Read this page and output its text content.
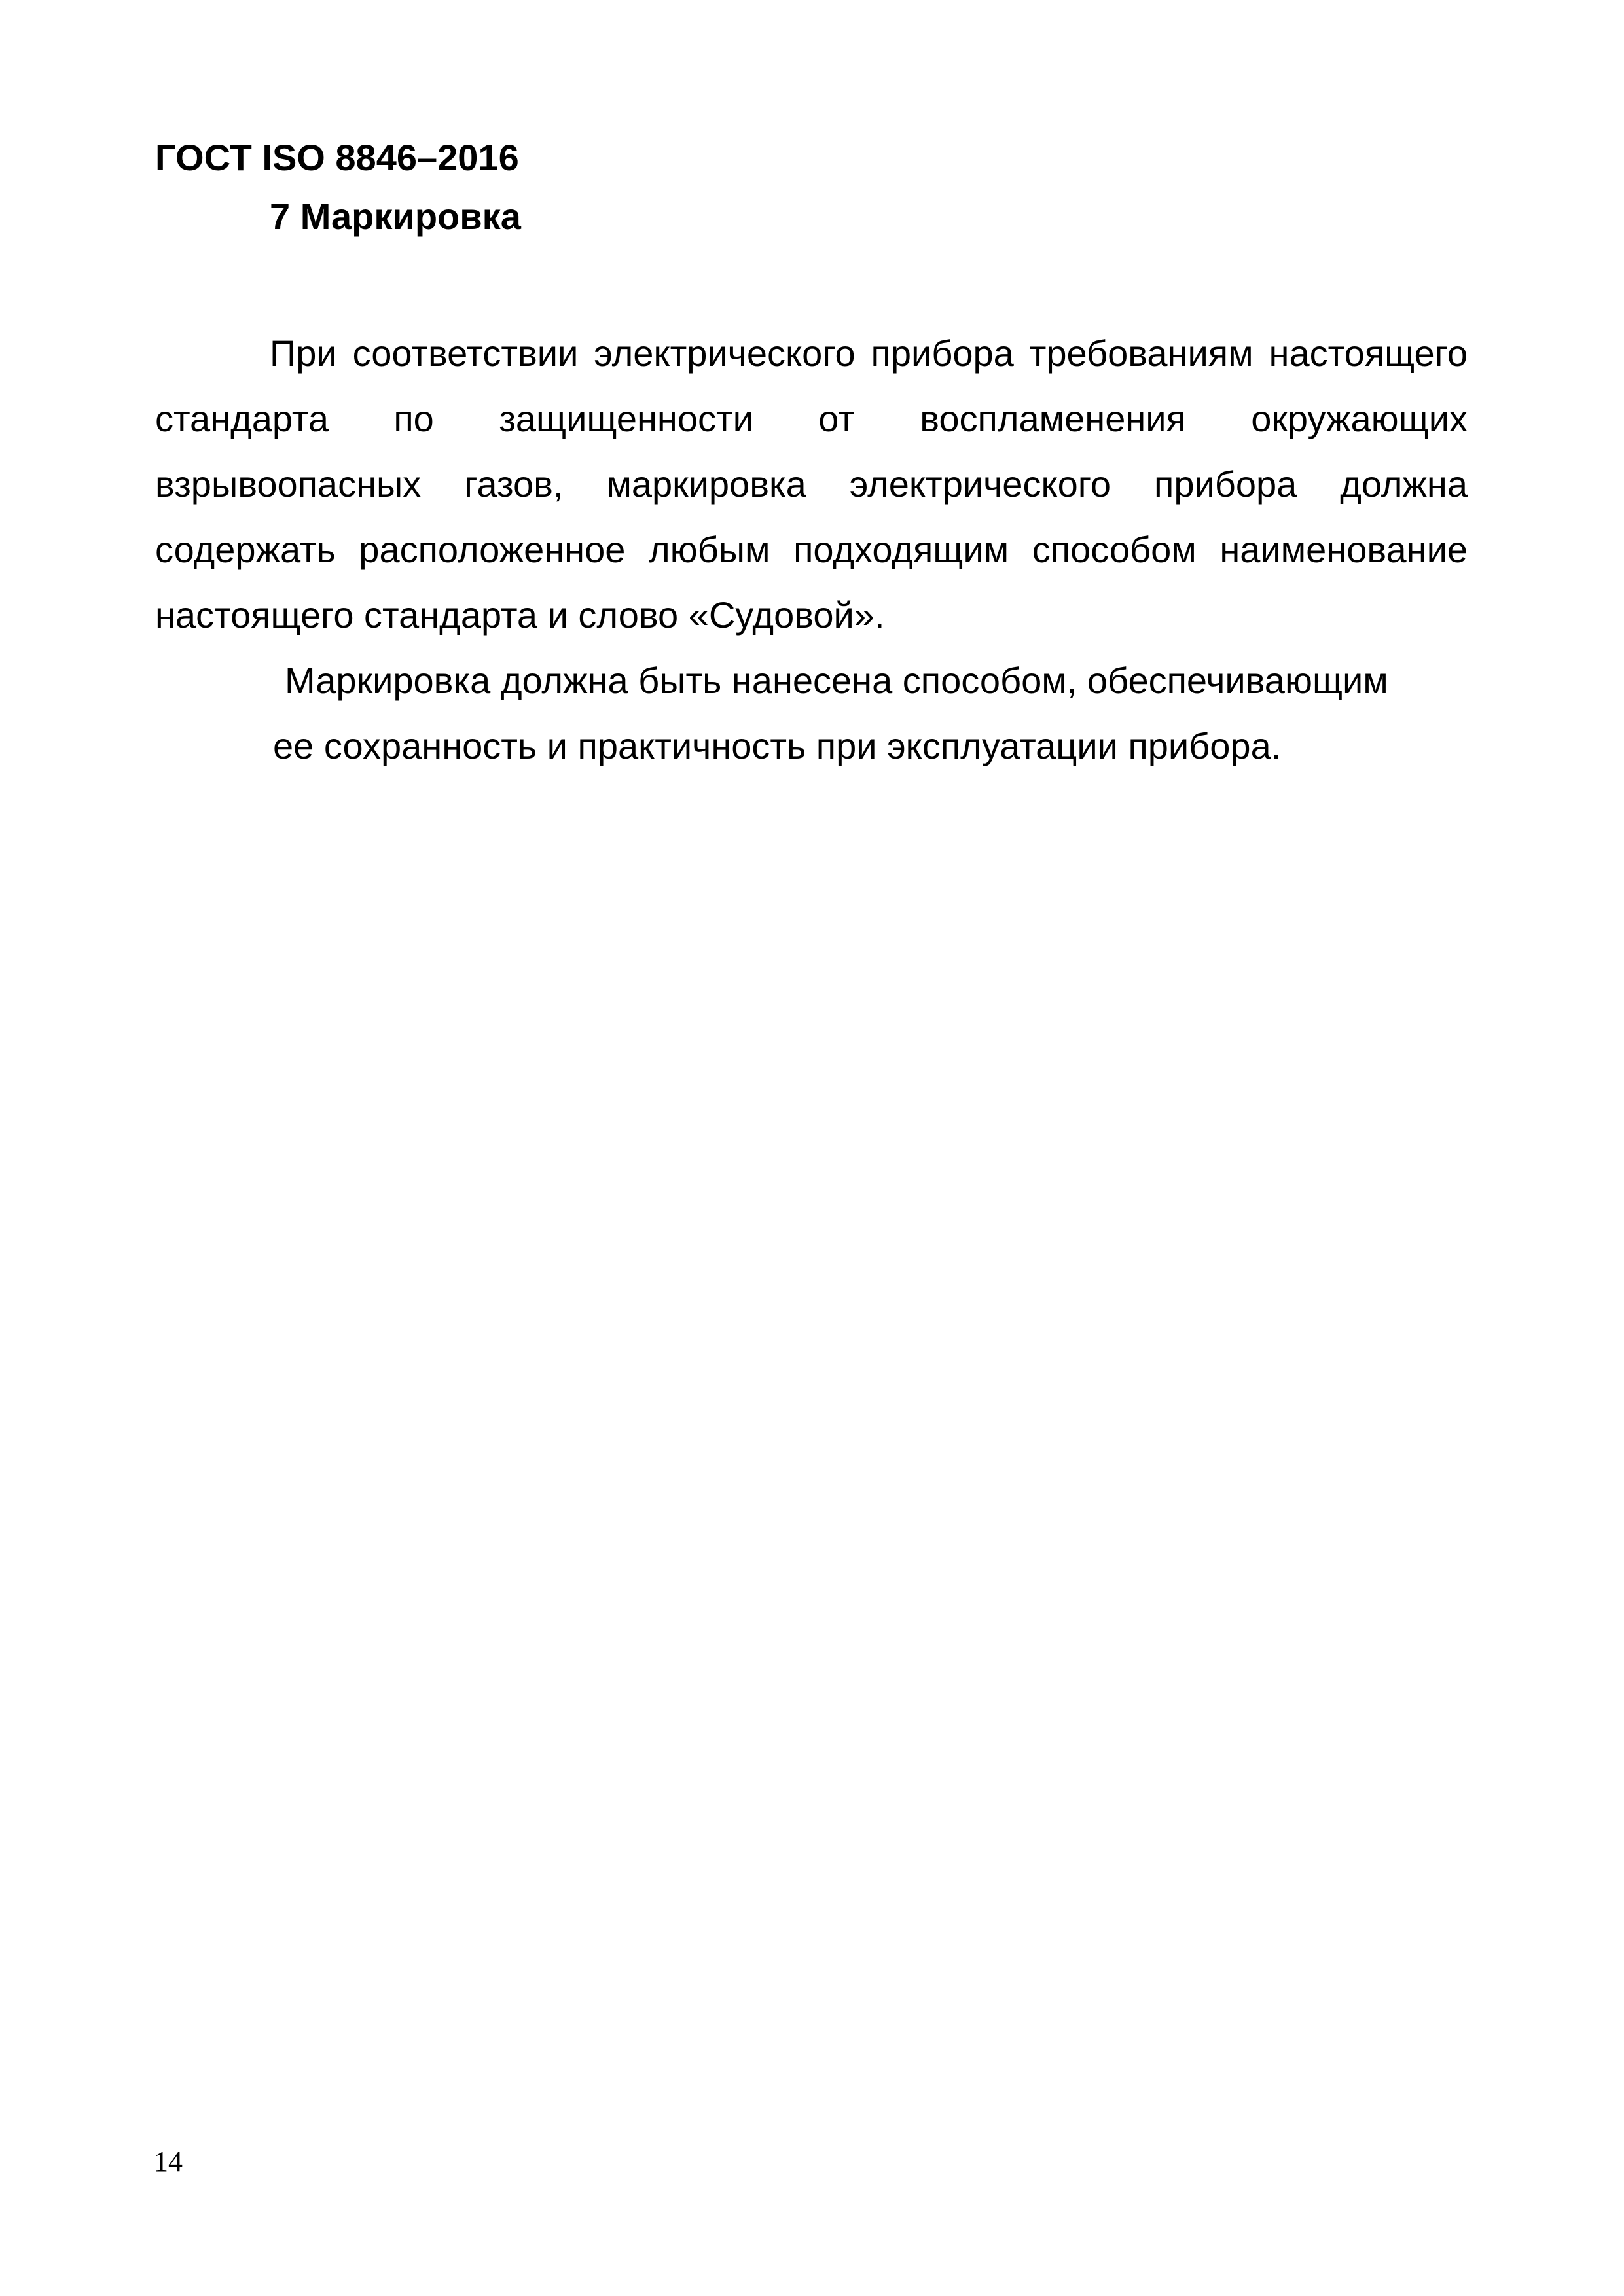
ГОСТ ISO 8846–2016
7 Маркировка

При соответствии электрического прибора требованиям настоящего стандарта по защищенности от воспламенения окружающих взрывоопасных газов, маркировка электрического прибора должна содержать расположенное любым подходящим способом наименование настоящего стандарта и слово «Судовой».

Маркировка должна быть нанесена способом, обеспечивающим
ее сохранность и практичность при эксплуатации прибора.

14
